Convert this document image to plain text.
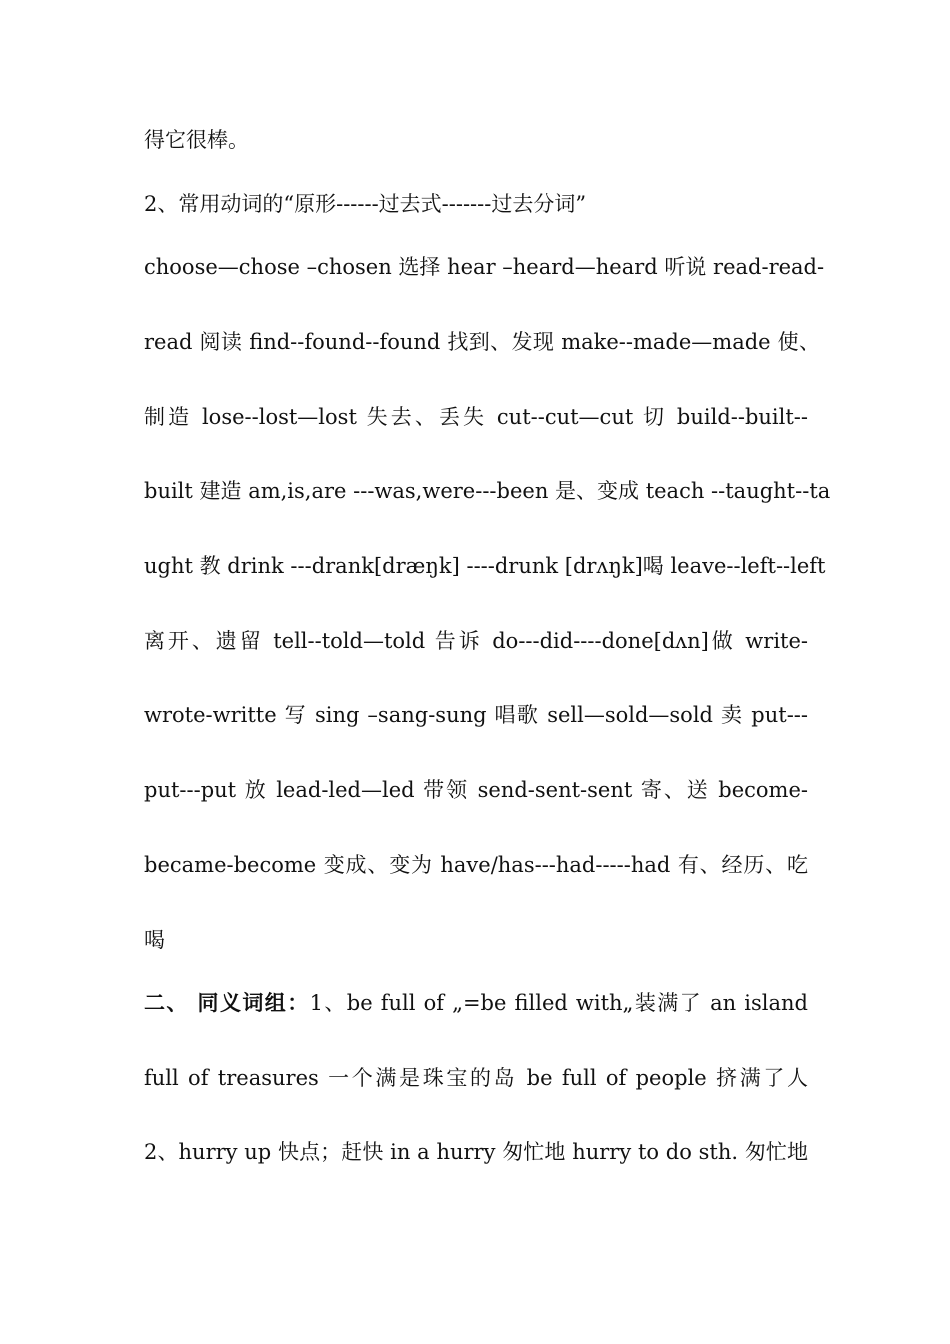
得它很棒。
2、常用动词的“原形------过去式-------过去分词”
choose—chose –chosen 选择 hear –heard—heard 听说 read-read-
read 阅读 find--found--found 找到、发现 make--made—made 使、
制造 lose--lost—lost 失去、丢失 cut--cut—cut 切 build--built--
built 建造 am,is,are ---was,were---been 是、变成 teach --taught--ta
ught 教 drink ---drank[dræŋk] ----drunk [drʌŋk]喝 leave--left--left
离开、遗留 tell--told—told 告诉 do---did----done[dʌn]做 write-
wrote-writte 写 sing –sang-sung 唱歌 sell—sold—sold 卖 put---
put---put 放 lead-led—led 带领 send-sent-sent 寄、送 become-
became-become 变成、变为 have/has---had-----had 有、经历、吃
喝
二、 同义词组：1、be full of „=be filled with„装满了 an island
full of treasures 一个满是珠宝的岛 be full of people 挤满了人
2、hurry up 快点；赶快 in a hurry 匆忙地 hurry to do sth. 匆忙地
